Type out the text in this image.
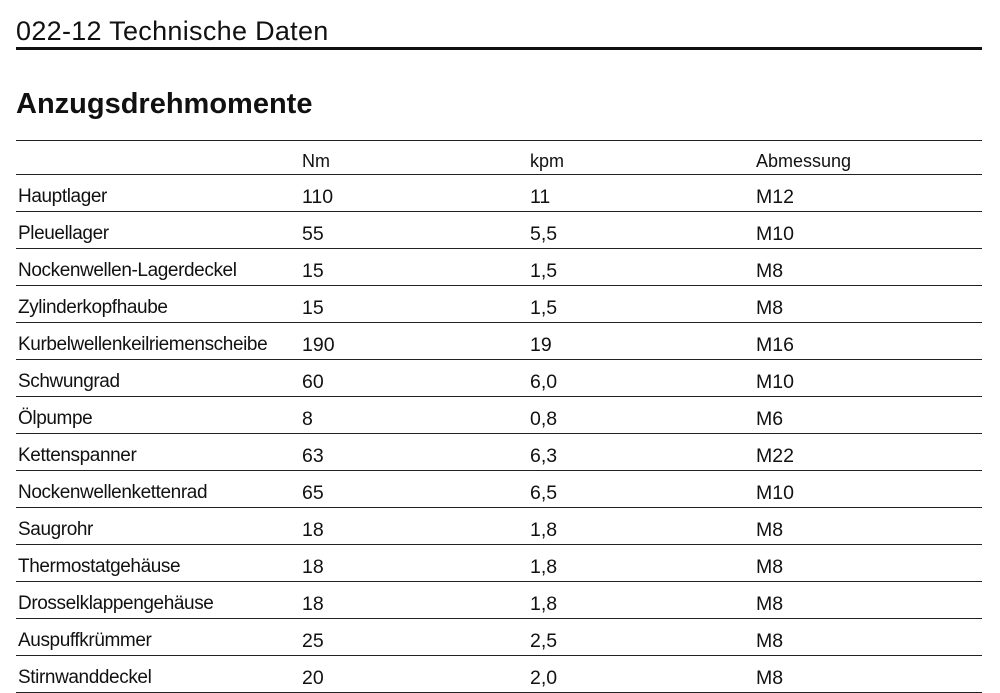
022-12 Technische Daten
Anzugsdrehmomente
	Nm	kpm	Abmessung
Hauptlager	110	11	M12
Pleuellager	55	5,5	M10
Nockenwellen-Lagerdeckel	15	1,5	M8
Zylinderkopfhaube	15	1,5	M8
Kurbelwellenkeilriemenscheibe	190	19	M16
Schwungrad	60	6,0	M10
Ölpumpe	8	0,8	M6
Kettenspanner	63	6,3	M22
Nockenwellenkettenrad	65	6,5	M10
Saugrohr	18	1,8	M8
Thermostatgehäuse	18	1,8	M8
Drosselklappengehäuse	18	1,8	M8
Auspuffkrümmer	25	2,5	M8
Stirnwanddeckel	20	2,0	M8
